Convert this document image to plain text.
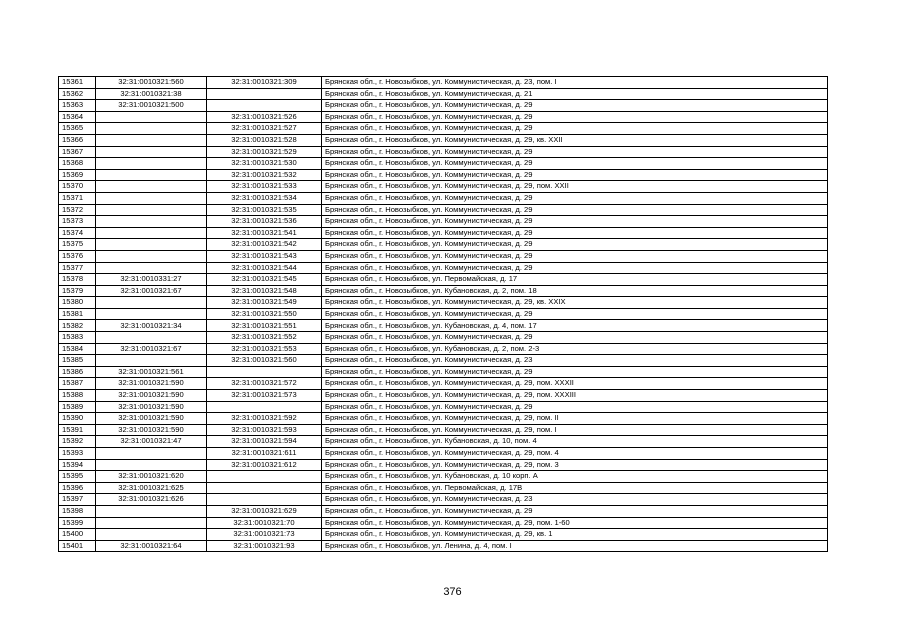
15361	32:31:0010321:560	32:31:0010321:309	Брянская обл., г. Новозыбков, ул. Коммунистическая, д. 23, пом. I
15362	32:31:0010321:38		Брянская обл., г. Новозыбков, ул. Коммунистическая, д. 21
15363	32:31:0010321:500		Брянская обл., г. Новозыбков, ул. Коммунистическая, д. 29
15364		32:31:0010321:526	Брянская обл., г. Новозыбков, ул. Коммунистическая, д. 29
15365		32:31:0010321:527	Брянская обл., г. Новозыбков, ул. Коммунистическая, д. 29
15366		32:31:0010321:528	Брянская обл., г. Новозыбков, ул. Коммунистическая, д. 29, кв. XXII
15367		32:31:0010321:529	Брянская обл., г. Новозыбков, ул. Коммунистическая, д. 29
15368		32:31:0010321:530	Брянская обл., г. Новозыбков, ул. Коммунистическая, д. 29
15369		32:31:0010321:532	Брянская обл., г. Новозыбков, ул. Коммунистическая, д. 29
15370		32:31:0010321:533	Брянская обл., г. Новозыбков, ул. Коммунистическая, д. 29, пом. XXII
15371		32:31:0010321:534	Брянская обл., г. Новозыбков, ул. Коммунистическая, д. 29
15372		32:31:0010321:535	Брянская обл., г. Новозыбков, ул. Коммунистическая, д. 29
15373		32:31:0010321:536	Брянская обл., г. Новозыбков, ул. Коммунистическая, д. 29
15374		32:31:0010321:541	Брянская обл., г. Новозыбков, ул. Коммунистическая, д. 29
15375		32:31:0010321:542	Брянская обл., г. Новозыбков, ул. Коммунистическая, д. 29
15376		32:31:0010321:543	Брянская обл., г. Новозыбков, ул. Коммунистическая, д. 29
15377		32:31:0010321:544	Брянская обл., г. Новозыбков, ул. Коммунистическая, д. 29
15378	32:31:0010331:27	32:31:0010321:545	Брянская обл., г. Новозыбков, ул. Первомайская, д. 17
15379	32:31:0010321:67	32:31:0010321:548	Брянская обл., г. Новозыбков, ул. Кубановская, д. 2, пом. 18
15380		32:31:0010321:549	Брянская обл., г. Новозыбков, ул. Коммунистическая, д. 29, кв. XXIX
15381		32:31:0010321:550	Брянская обл., г. Новозыбков, ул. Коммунистическая, д. 29
15382	32:31:0010321:34	32:31:0010321:551	Брянская обл., г. Новозыбков, ул. Кубановская, д. 4, пом. 17
15383		32:31:0010321:552	Брянская обл., г. Новозыбков, ул. Коммунистическая, д. 29
15384	32:31:0010321:67	32:31:0010321:553	Брянская обл., г. Новозыбков, ул. Кубановская, д. 2, пом. 2-3
15385		32:31:0010321:560	Брянская обл., г. Новозыбков, ул. Коммунистическая, д. 23
15386	32:31:0010321:561		Брянская обл., г. Новозыбков, ул. Коммунистическая, д. 29
15387	32:31:0010321:590	32:31:0010321:572	Брянская обл., г. Новозыбков, ул. Коммунистическая, д. 29, пом. XXXII
15388	32:31:0010321:590	32:31:0010321:573	Брянская обл., г. Новозыбков, ул. Коммунистическая, д. 29, пом. XXXIII
15389	32:31:0010321:590		Брянская обл., г. Новозыбков, ул. Коммунистическая, д. 29
15390	32:31:0010321:590	32:31:0010321:592	Брянская обл., г. Новозыбков, ул. Коммунистическая, д. 29, пом. II
15391	32:31:0010321:590	32:31:0010321:593	Брянская обл., г. Новозыбков, ул. Коммунистическая, д. 29, пом. I
15392	32:31:0010321:47	32:31:0010321:594	Брянская обл., г. Новозыбков, ул. Кубановская, д. 10, пом. 4
15393		32:31:0010321:611	Брянская обл., г. Новозыбков, ул. Коммунистическая, д. 29, пом. 4
15394		32:31:0010321:612	Брянская обл., г. Новозыбков, ул. Коммунистическая, д. 29, пом. 3
15395	32:31:0010321:620		Брянская обл., г. Новозыбков, ул. Кубановская, д. 10 корп. А
15396	32:31:0010321:625		Брянская обл., г. Новозыбков, ул. Первомайская, д. 17В
15397	32:31:0010321:626		Брянская обл., г. Новозыбков, ул. Коммунистическая, д. 23
15398		32:31:0010321:629	Брянская обл., г. Новозыбков, ул. Коммунистическая, д. 29
15399		32:31:0010321:70	Брянская обл., г. Новозыбков, ул. Коммунистическая, д. 29, пом. 1-60
15400		32:31:0010321:73	Брянская обл., г. Новозыбков, ул. Коммунистическая, д. 29, кв. 1
15401	32:31:0010321:64	32:31:0010321:93	Брянская обл., г. Новозыбков, ул. Ленина, д. 4, пом. I
376
